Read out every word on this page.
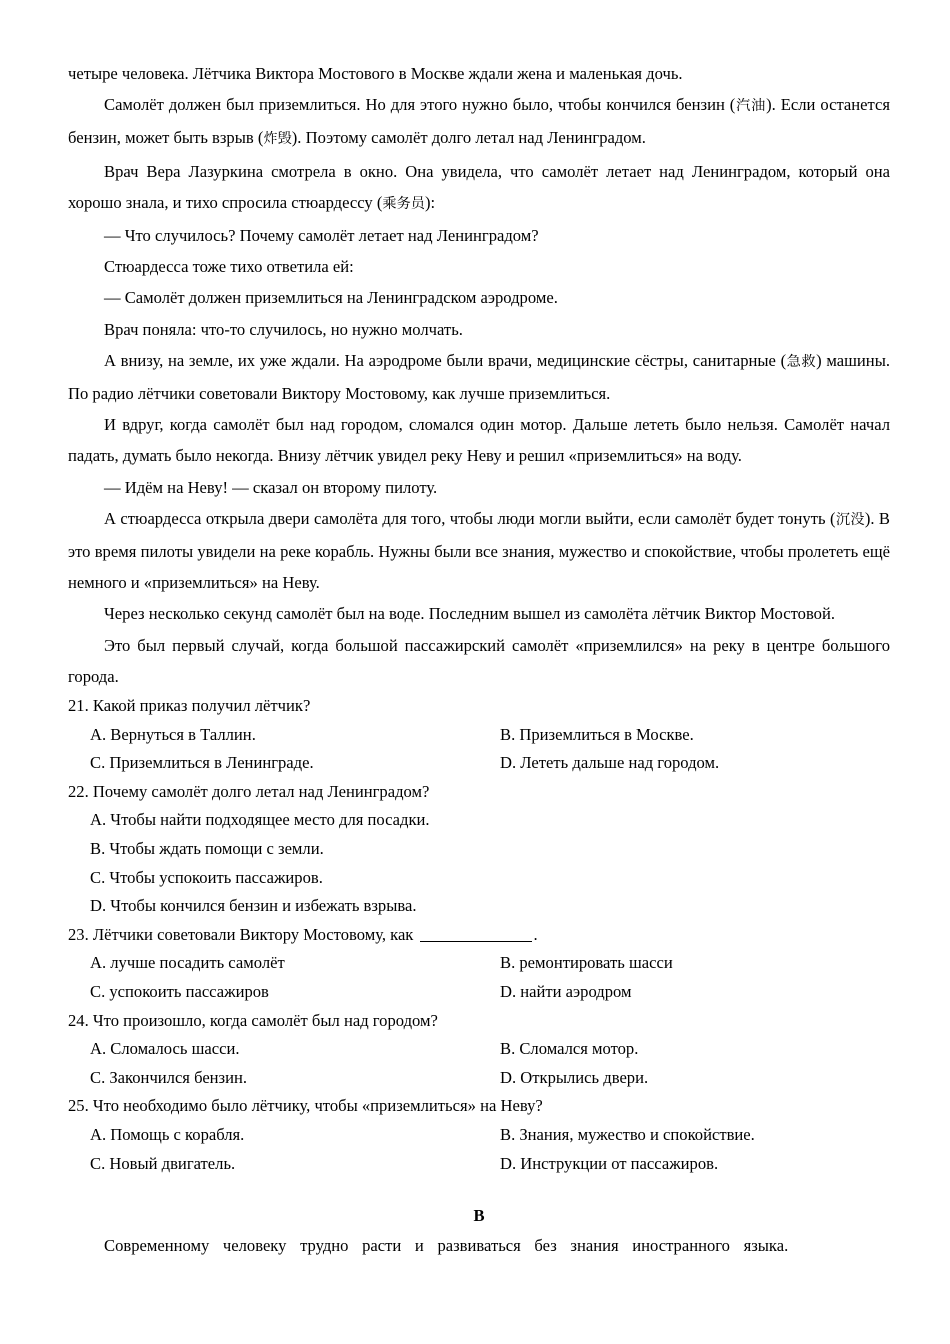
четыре человека. Лётчика Виктора Мостового в Москве ждали жена и маленькая дочь.

Самолёт должен был приземлиться. Но для этого нужно было, чтобы кончился бензин (汽油). Если останется бензин, может быть взрыв (炸毁). Поэтому самолёт долго летал над Ленинградом.

Врач Вера Лазуркина смотрела в окно. Она увидела, что самолёт летает над Ленинградом, который она хорошо знала, и тихо спросила стюардессу (乘务员):

— Что случилось? Почему самолёт летает над Ленинградом?

Стюардесса тоже тихо ответила ей:

— Самолёт должен приземлиться на Ленинградском аэродроме.

Врач поняла: что-то случилось, но нужно молчать.

А внизу, на земле, их уже ждали. На аэродроме были врачи, медицинские сёстры, санитарные (急救) машины. По радио лётчики советовали Виктору Мостовому, как лучше приземлиться.

И вдруг, когда самолёт был над городом, сломался один мотор. Дальше лететь было нельзя. Самолёт начал падать, думать было некогда. Внизу лётчик увидел реку Неву и решил «приземлиться» на воду.

— Идём на Неву! — сказал он второму пилоту.

А стюардесса открыла двери самолёта для того, чтобы люди могли выйти, если самолёт будет тонуть (沉没). В это время пилоты увидели на реке корабль. Нужны были все знания, мужество и спокойствие, чтобы пролететь ещё немного и «приземлиться» на Неву.

Через несколько секунд самолёт был на воде. Последним вышел из самолёта лётчик Виктор Мостовой.

Это был первый случай, когда большой пассажирский самолёт «приземлился» на реку в центре большого города.

21. Какой приказ получил лётчик?
A. Вернуться в Таллин.	B. Приземлиться в Москве.
C. Приземлиться в Ленинграде.	D. Лететь дальше над городом.
22. Почему самолёт долго летал над Ленинградом?
A. Чтобы найти подходящее место для посадки.
B. Чтобы ждать помощи с земли.
C. Чтобы успокоить пассажиров.
D. Чтобы кончился бензин и избежать взрыва.
23. Лётчики советовали Виктору Мостовому, как	.
A. лучше посадить самолёт	B. ремонтировать шасси
C. успокоить пассажиров	D. найти аэродром
24. Что произошло, когда самолёт был над городом?
A. Сломалось шасси.	B. Сломался мотор.
C. Закончился бензин.	D. Открылись двери.
25. Что необходимо было лётчику, чтобы «приземлиться» на Неву?
A. Помощь с корабля.	B. Знания, мужество и спокойствие.
C. Новый двигатель.	D. Инструкции от пассажиров.
В

Современному человеку трудно расти и развиваться без знания иностранного языка.
